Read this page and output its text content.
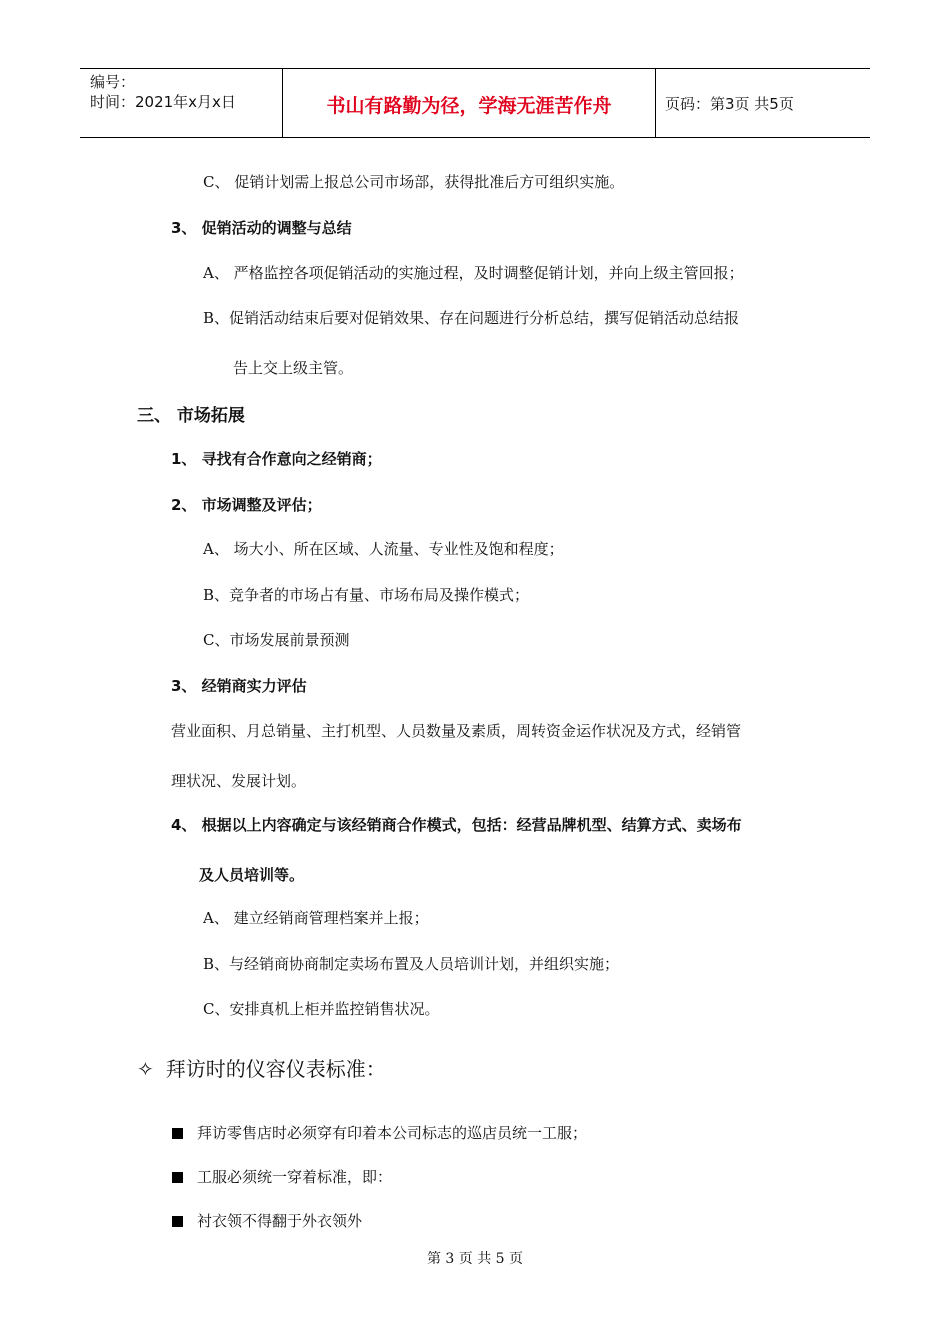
编号：
时间：2021年x月x日	书山有路勤为径，学海无涯苦作舟	页码：第3页 共5页
C、 促销计划需上报总公司市场部，获得批准后方可组织实施。
3、 促销活动的调整与总结
A、 严格监控各项促销活动的实施过程，及时调整促销计划，并向上级主管回报；
B、促销活动结束后要对促销效果、存在问题进行分析总结，撰写促销活动总结报
告上交上级主管。
三、 市场拓展
1、 寻找有合作意向之经销商；
2、 市场调整及评估；
A、 场大小、所在区域、人流量、专业性及饱和程度；
B、竞争者的市场占有量、市场布局及操作模式；
C、市场发展前景预测
3、 经销商实力评估
营业面积、月总销量、主打机型、人员数量及素质，周转资金运作状况及方式，经销管
理状况、发展计划。
4、 根据以上内容确定与该经销商合作模式，包括：经营品牌机型、结算方式、卖场布
及人员培训等。
A、 建立经销商管理档案并上报；
B、与经销商协商制定卖场布置及人员培训计划，并组织实施；
C、安排真机上柜并监控销售状况。
✧ 拜访时的仪容仪表标准：
拜访零售店时必须穿有印着本公司标志的巡店员统一工服；
工服必须统一穿着标准，即：
衬衣领不得翻于外衣领外
第 3 页 共 5 页
